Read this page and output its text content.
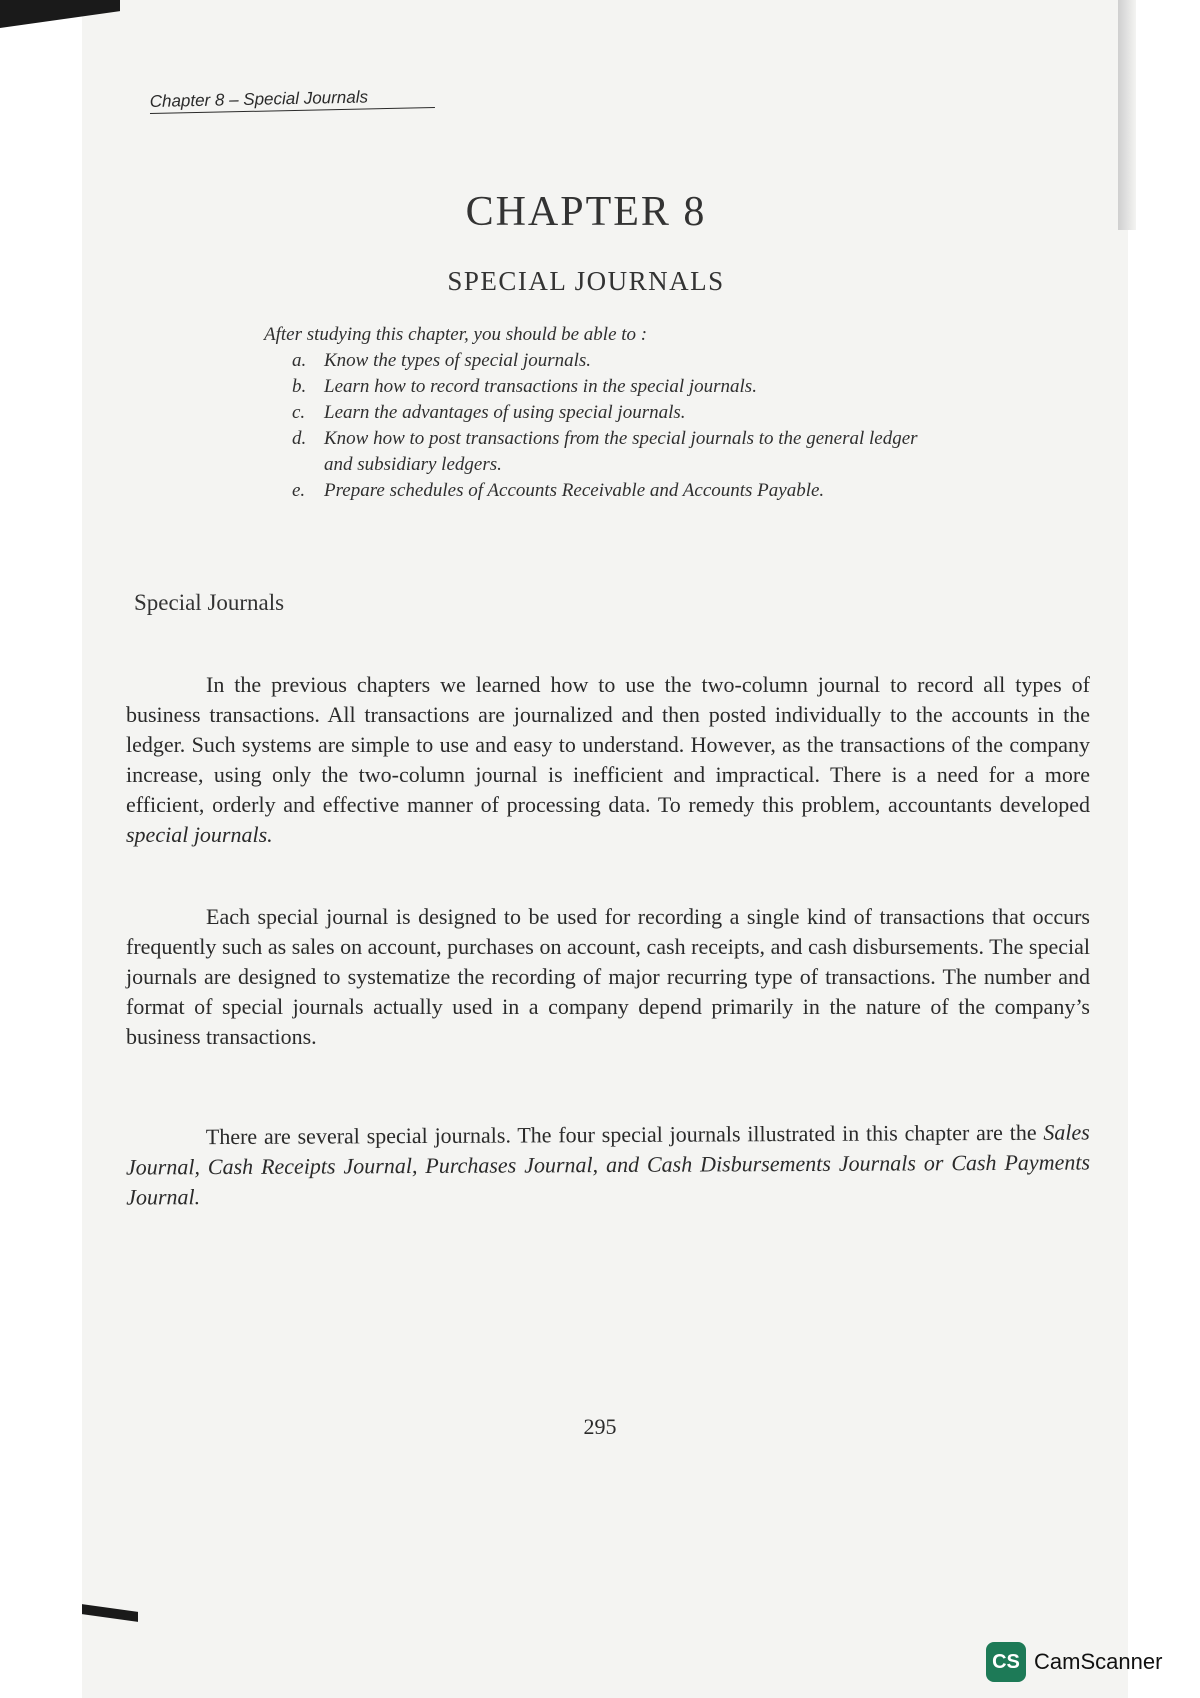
Chapter 8 – Special Journals
CHAPTER 8
SPECIAL JOURNALS
After studying this chapter, you should be able to :
a. Know the types of special journals.
b. Learn how to record transactions in the special journals.
c. Learn the advantages of using special journals.
d. Know how to post transactions from the special journals to the general ledger and subsidiary ledgers.
e. Prepare schedules of Accounts Receivable and Accounts Payable.
Special Journals

In the previous chapters we learned how to use the two-column journal to record all types of business transactions. All transactions are journalized and then posted individually to the accounts in the ledger. Such systems are simple to use and easy to understand. However, as the transactions of the company increase, using only the two-column journal is inefficient and impractical. There is a need for a more efficient, orderly and effective manner of processing data. To remedy this problem, accountants developed special journals.

Each special journal is designed to be used for recording a single kind of transactions that occurs frequently such as sales on account, purchases on account, cash receipts, and cash disbursements. The special journals are designed to systematize the recording of major recurring type of transactions. The number and format of special journals actually used in a company depend primarily in the nature of the company’s business transactions.

There are several special journals. The four special journals illustrated in this chapter are the Sales Journal, Cash Receipts Journal, Purchases Journal, and Cash Disbursements Journals or Cash Payments Journal.

295
CS CamScanner
